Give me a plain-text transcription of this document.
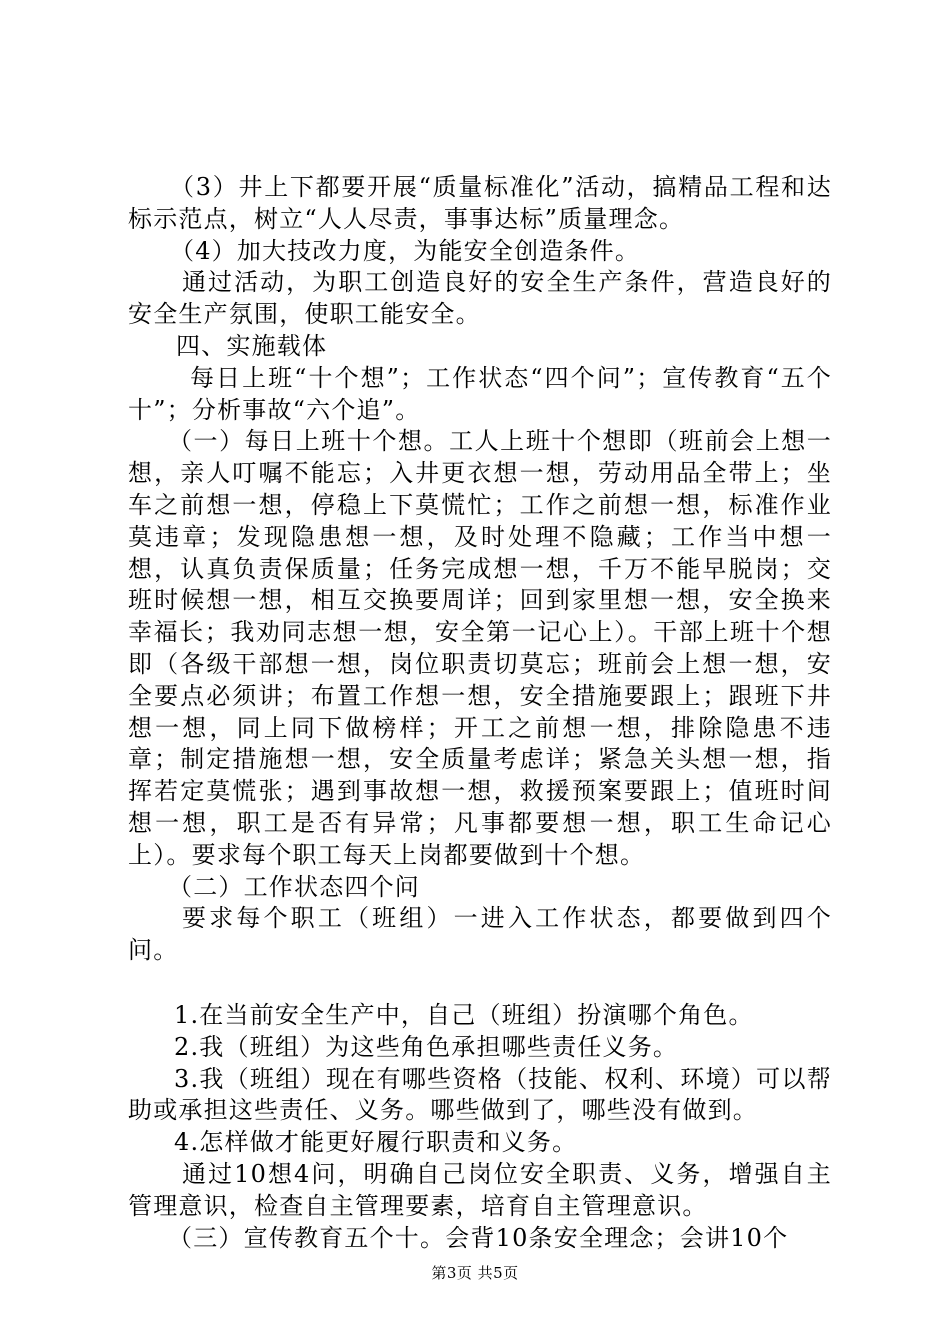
（3）井上下都要开展“质量标准化”活动，搞精品工程和达标示范点，树立“人人尽责，事事达标”质量理念。

（4）加大技改力度，为能安全创造条件。

通过活动，为职工创造良好的安全生产条件，营造良好的安全生产氛围，使职工能安全。

四、实施载体

每日上班“十个想”；工作状态“四个问”；宣传教育“五个十”；分析事故“六个追”。

（一）每日上班十个想。工人上班十个想即（班前会上想一想，亲人叮嘱不能忘；入井更衣想一想，劳动用品全带上；坐车之前想一想，停稳上下莫慌忙；工作之前想一想，标准作业莫违章；发现隐患想一想，及时处理不隐藏；工作当中想一想，认真负责保质量；任务完成想一想，千万不能早脱岗；交班时候想一想，相互交换要周详；回到家里想一想，安全换来幸福长；我劝同志想一想，安全第一记心上）。干部上班十个想即（各级干部想一想，岗位职责切莫忘；班前会上想一想，安全要点必须讲；布置工作想一想，安全措施要跟上；跟班下井想一想，同上同下做榜样；开工之前想一想，排除隐患不违章；制定措施想一想，安全质量考虑详；紧急关头想一想，指挥若定莫慌张；遇到事故想一想，救援预案要跟上；值班时间想一想，职工是否有异常；凡事都要想一想，职工生命记心上）。要求每个职工每天上岗都要做到十个想。

（二）工作状态四个问

要求每个职工（班组）一进入工作状态，都要做到四个问。

1.在当前安全生产中，自己（班组）扮演哪个角色。

2.我（班组）为这些角色承担哪些责任义务。

3.我（班组）现在有哪些资格（技能、权利、环境）可以帮助或承担这些责任、义务。哪些做到了，哪些没有做到。

4.怎样做才能更好履行职责和义务。

通过10想4问，明确自己岗位安全职责、义务，增强自主管理意识，检查自主管理要素，培育自主管理意识。

（三）宣传教育五个十。会背10条安全理念；会讲10个

第3页 共5页
